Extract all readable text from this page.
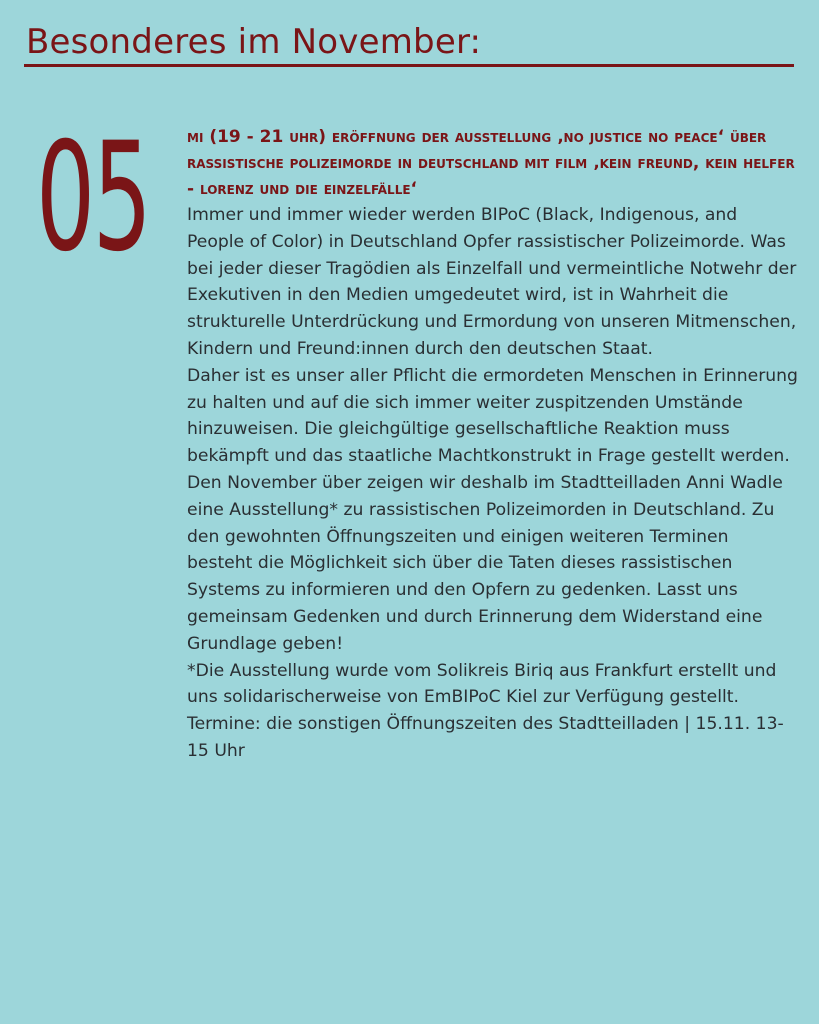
Besonderes im November:
05 mi (19 - 21 uhr) eröffnung der ausstellung ‚no justice no peace‘ über rassistische polizeimorde in deutschland mit film ‚kein freund, kein helfer - lorenz und die einzelfälle‘

Immer und immer wieder werden BIPoC (Black, Indigenous, and People of Color) in Deutschland Opfer rassistischer Polizeimorde. Was bei jeder dieser Tragödien als Einzelfall und vermeintliche Notwehr der Exekutiven in den Medien umgedeutet wird, ist in Wahrheit die strukturelle Unterdrückung und Ermordung von unseren Mitmenschen, Kindern und Freund:innen durch den deutschen Staat.

Daher ist es unser aller Pflicht die ermordeten Menschen in Erinnerung zu halten und auf die sich immer weiter zuspitzenden Umstände hinzuweisen. Die gleichgültige gesellschaftliche Reaktion muss bekämpft und das staatliche Machtkonstrukt in Frage gestellt werden.

Den November über zeigen wir deshalb im Stadtteilladen Anni Wadle eine Ausstellung* zu rassistischen Polizeimorden in Deutschland. Zu den gewohnten Öffnungszeiten und einigen weiteren Terminen besteht die Möglichkeit sich über die Taten dieses rassistischen Systems zu informieren und den Opfern zu gedenken. Lasst uns gemeinsam Gedenken und durch Erinnerung dem Widerstand eine Grundlage geben!

*Die Ausstellung wurde vom Solikreis Biriq aus Frankfurt erstellt und uns solidarischerweise von EmBIPoC Kiel zur Verfügung gestellt.

Termine: die sonstigen Öffnungszeiten des Stadtteilladen | 15.11. 13-15 Uhr
